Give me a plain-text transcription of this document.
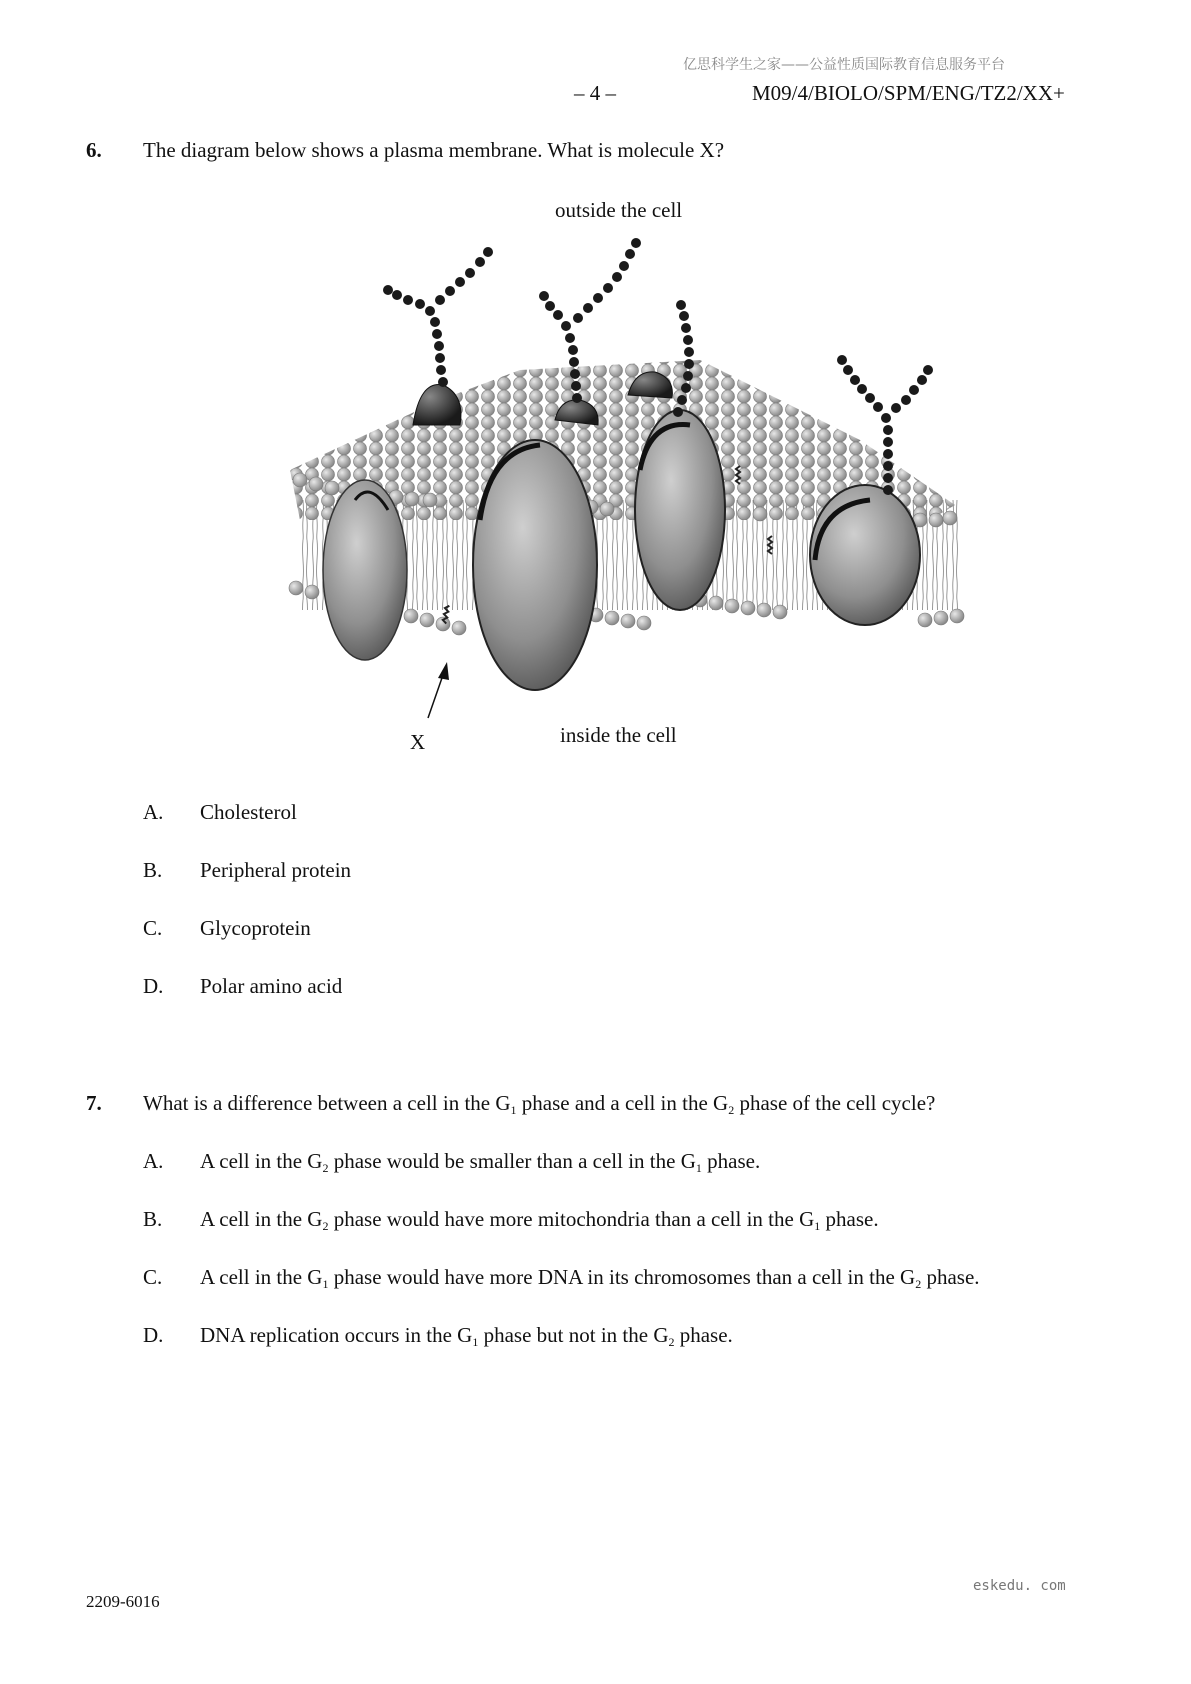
亿思科学生之家——公益性质国际教育信息服务平台
– 4 –	M09/4/BIOLO/SPM/ENG/TZ2/XX+
6. The diagram below shows a plasma membrane. What is molecule X?
outside the cell
inside the cell
X
A. Cholesterol
B. Peripheral protein
C. Glycoprotein
D. Polar amino acid
7. What is a difference between a cell in the $G_1$ phase and a cell in the $G_2$ phase of the cell cycle?
A. A cell in the $G_2$ phase would be smaller than a cell in the $G_1$ phase.
B. A cell in the $G_2$ phase would have more mitochondria than a cell in the $G_1$ phase.
C. A cell in the $G_1$ phase would have more DNA in its chromosomes than a cell in the $G_2$ phase.
D. DNA replication occurs in the $G_1$ phase but not in the $G_2$ phase.
2209-6016
eskedu. com
